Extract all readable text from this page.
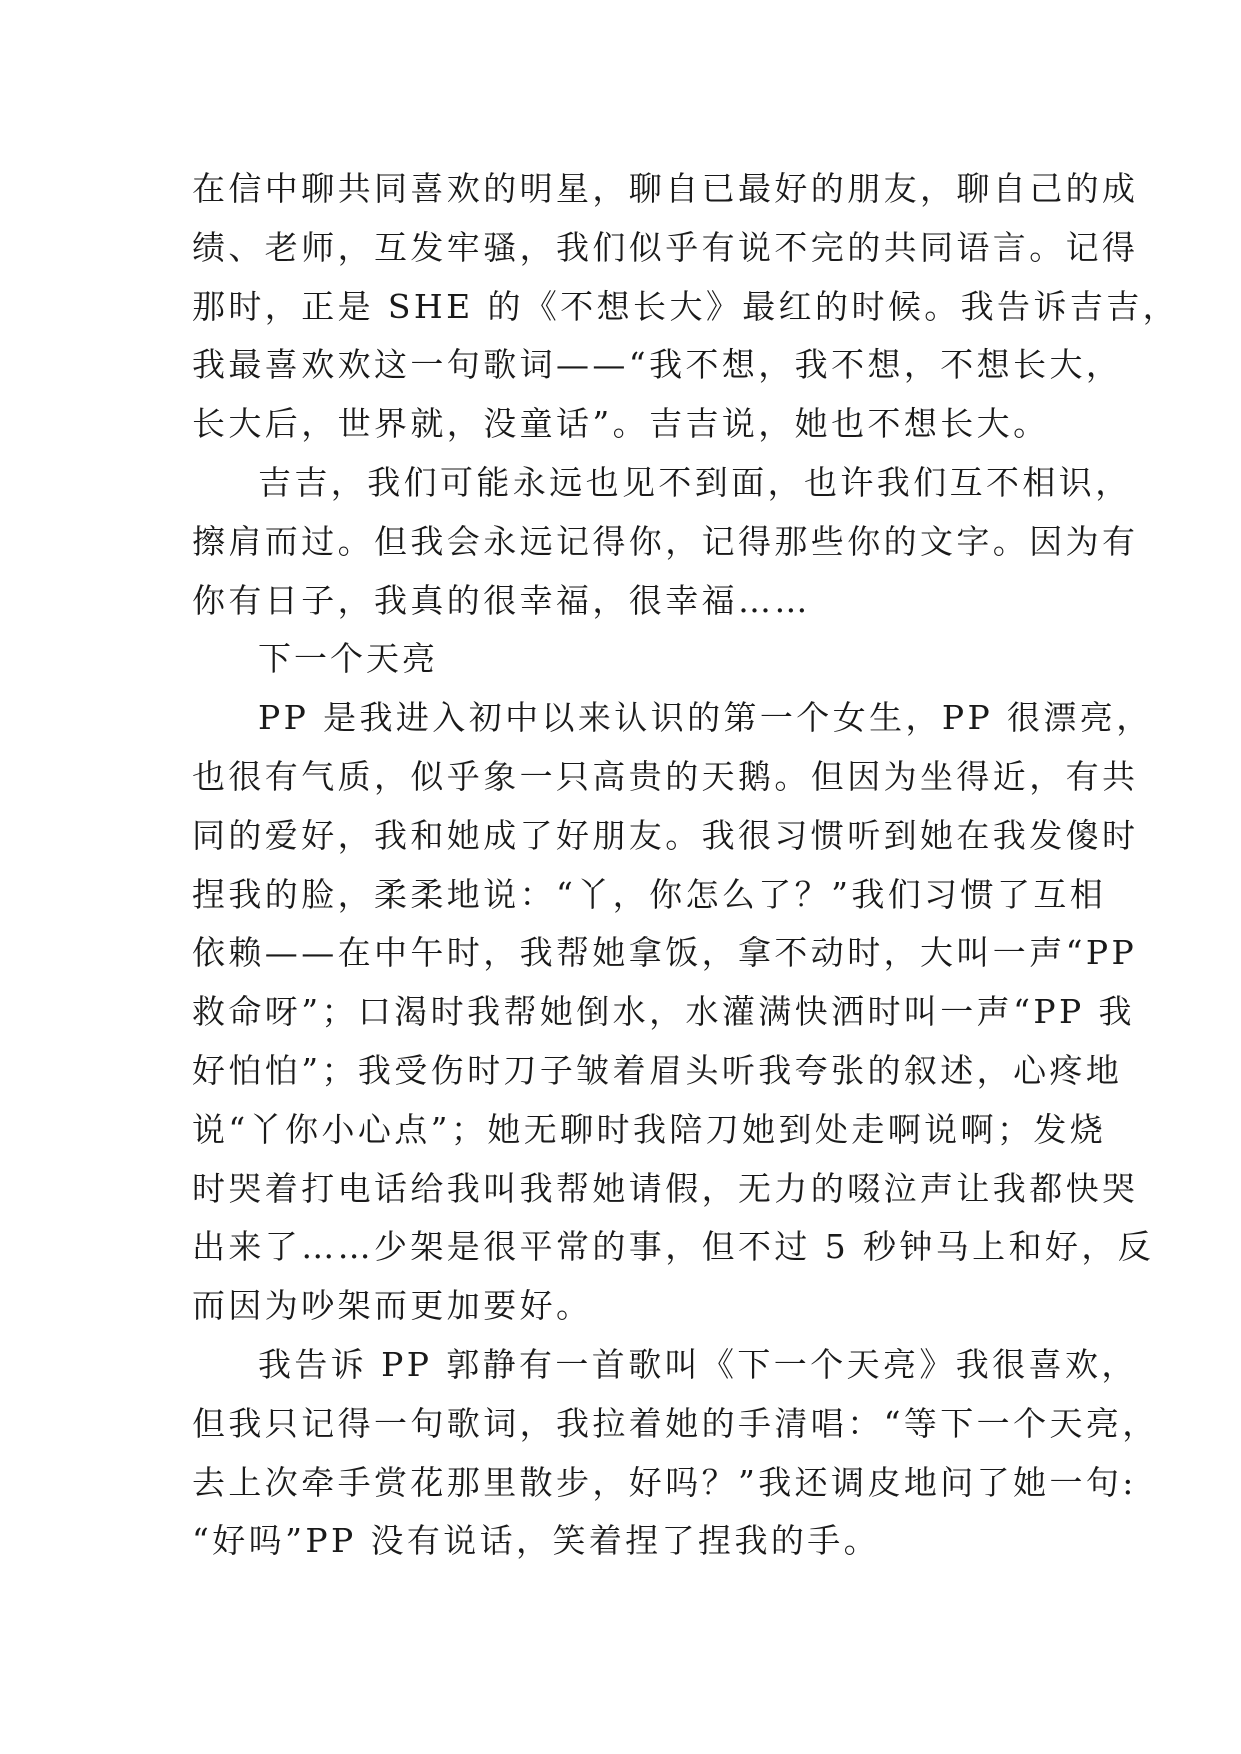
在信中聊共同喜欢的明星，聊自已最好的朋友，聊自己的成
绩、老师，互发牢骚，我们似乎有说不完的共同语言。记得
那时，正是 SHE 的《不想长大》最红的时候。我告诉吉吉，
我最喜欢欢这一句歌词——“我不想，我不想，不想长大，
长大后，世界就，没童话”。吉吉说，她也不想长大。
吉吉，我们可能永远也见不到面，也许我们互不相识，
擦肩而过。但我会永远记得你，记得那些你的文字。因为有
你有日子，我真的很幸福，很幸福……
下一个天亮
PP 是我进入初中以来认识的第一个女生，PP 很漂亮，
也很有气质，似乎象一只高贵的天鹅。但因为坐得近，有共
同的爱好，我和她成了好朋友。我很习惯听到她在我发傻时
捏我的脸，柔柔地说：“丫，你怎么了？”我们习惯了互相
依赖——在中午时，我帮她拿饭，拿不动时，大叫一声“PP
救命呀”；口渴时我帮她倒水，水灌满快洒时叫一声“PP 我
好怕怕”；我受伤时刀子皱着眉头听我夸张的叙述，心疼地
说“丫你小心点”；她无聊时我陪刀她到处走啊说啊；发烧
时哭着打电话给我叫我帮她请假，无力的啜泣声让我都快哭
出来了……少架是很平常的事，但不过 5 秒钟马上和好，反
而因为吵架而更加要好。
我告诉 PP 郭静有一首歌叫《下一个天亮》我很喜欢，
但我只记得一句歌词，我拉着她的手清唱：“等下一个天亮，
去上次牵手赏花那里散步，好吗？”我还调皮地问了她一句:
“好吗”PP 没有说话，笑着捏了捏我的手。
